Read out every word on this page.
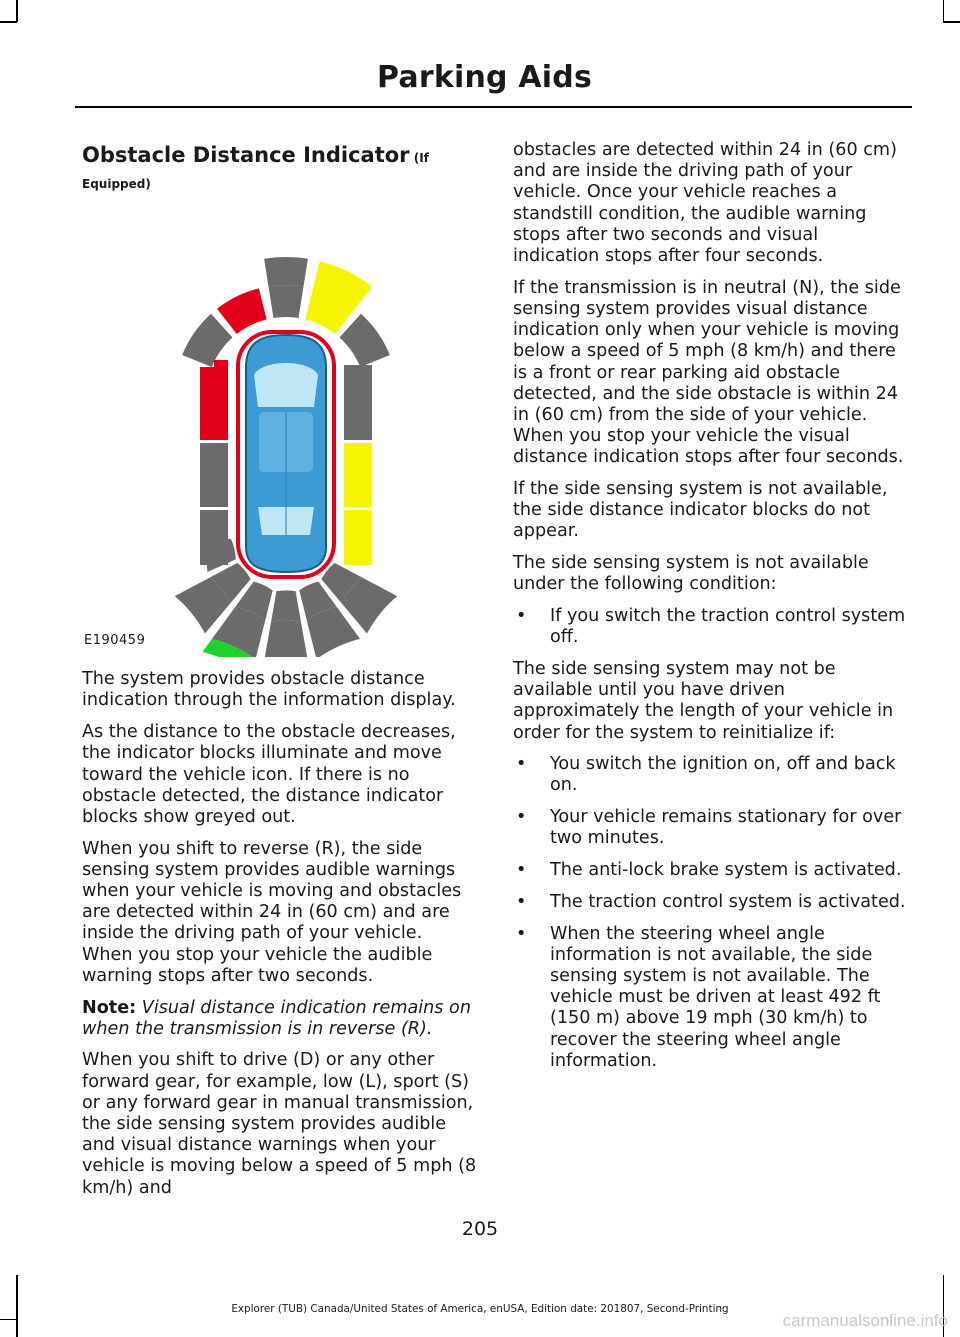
Parking Aids
Obstacle Distance Indicator (If
Equipped)
E190459

The system provides obstacle distance indication through the information display.

As the distance to the obstacle decreases, the indicator blocks illuminate and move toward the vehicle icon. If there is no obstacle detected, the distance indicator blocks show greyed out.

When you shift to reverse (R), the side sensing system provides audible warnings when your vehicle is moving and obstacles are detected within 24 in (60 cm) and are inside the driving path of your vehicle. When you stop your vehicle the audible warning stops after two seconds.

Note: Visual distance indication remains on when the transmission is in reverse (R).

When you shift to drive (D) or any other forward gear, for example, low (L), sport (S) or any forward gear in manual transmission, the side sensing system provides audible and visual distance warnings when your vehicle is moving below a speed of 5 mph (8 km/h) and

obstacles are detected within 24 in (60 cm) and are inside the driving path of your vehicle. Once your vehicle reaches a standstill condition, the audible warning stops after two seconds and visual indication stops after four seconds.

If the transmission is in neutral (N), the side sensing system provides visual distance indication only when your vehicle is moving below a speed of 5 mph (8 km/h) and there is a front or rear parking aid obstacle detected, and the side obstacle is within 24 in (60 cm) from the side of your vehicle. When you stop your vehicle the visual distance indication stops after four seconds.

If the side sensing system is not available, the side distance indicator blocks do not appear.

The side sensing system is not available under the following condition:

• If you switch the traction control system off.

The side sensing system may not be available until you have driven approximately the length of your vehicle in order for the system to reinitialize if:

• You switch the ignition on, off and back on.
• Your vehicle remains stationary for over two minutes.
• The anti-lock brake system is activated.
• The traction control system is activated.
• When the steering wheel angle information is not available, the side sensing system is not available. The vehicle must be driven at least 492 ft (150 m) above 19 mph (30 km/h) to recover the steering wheel angle information.
205
Explorer (TUB) Canada/United States of America, enUSA, Edition date: 201807, Second-Printing
carmanualsonline.info
